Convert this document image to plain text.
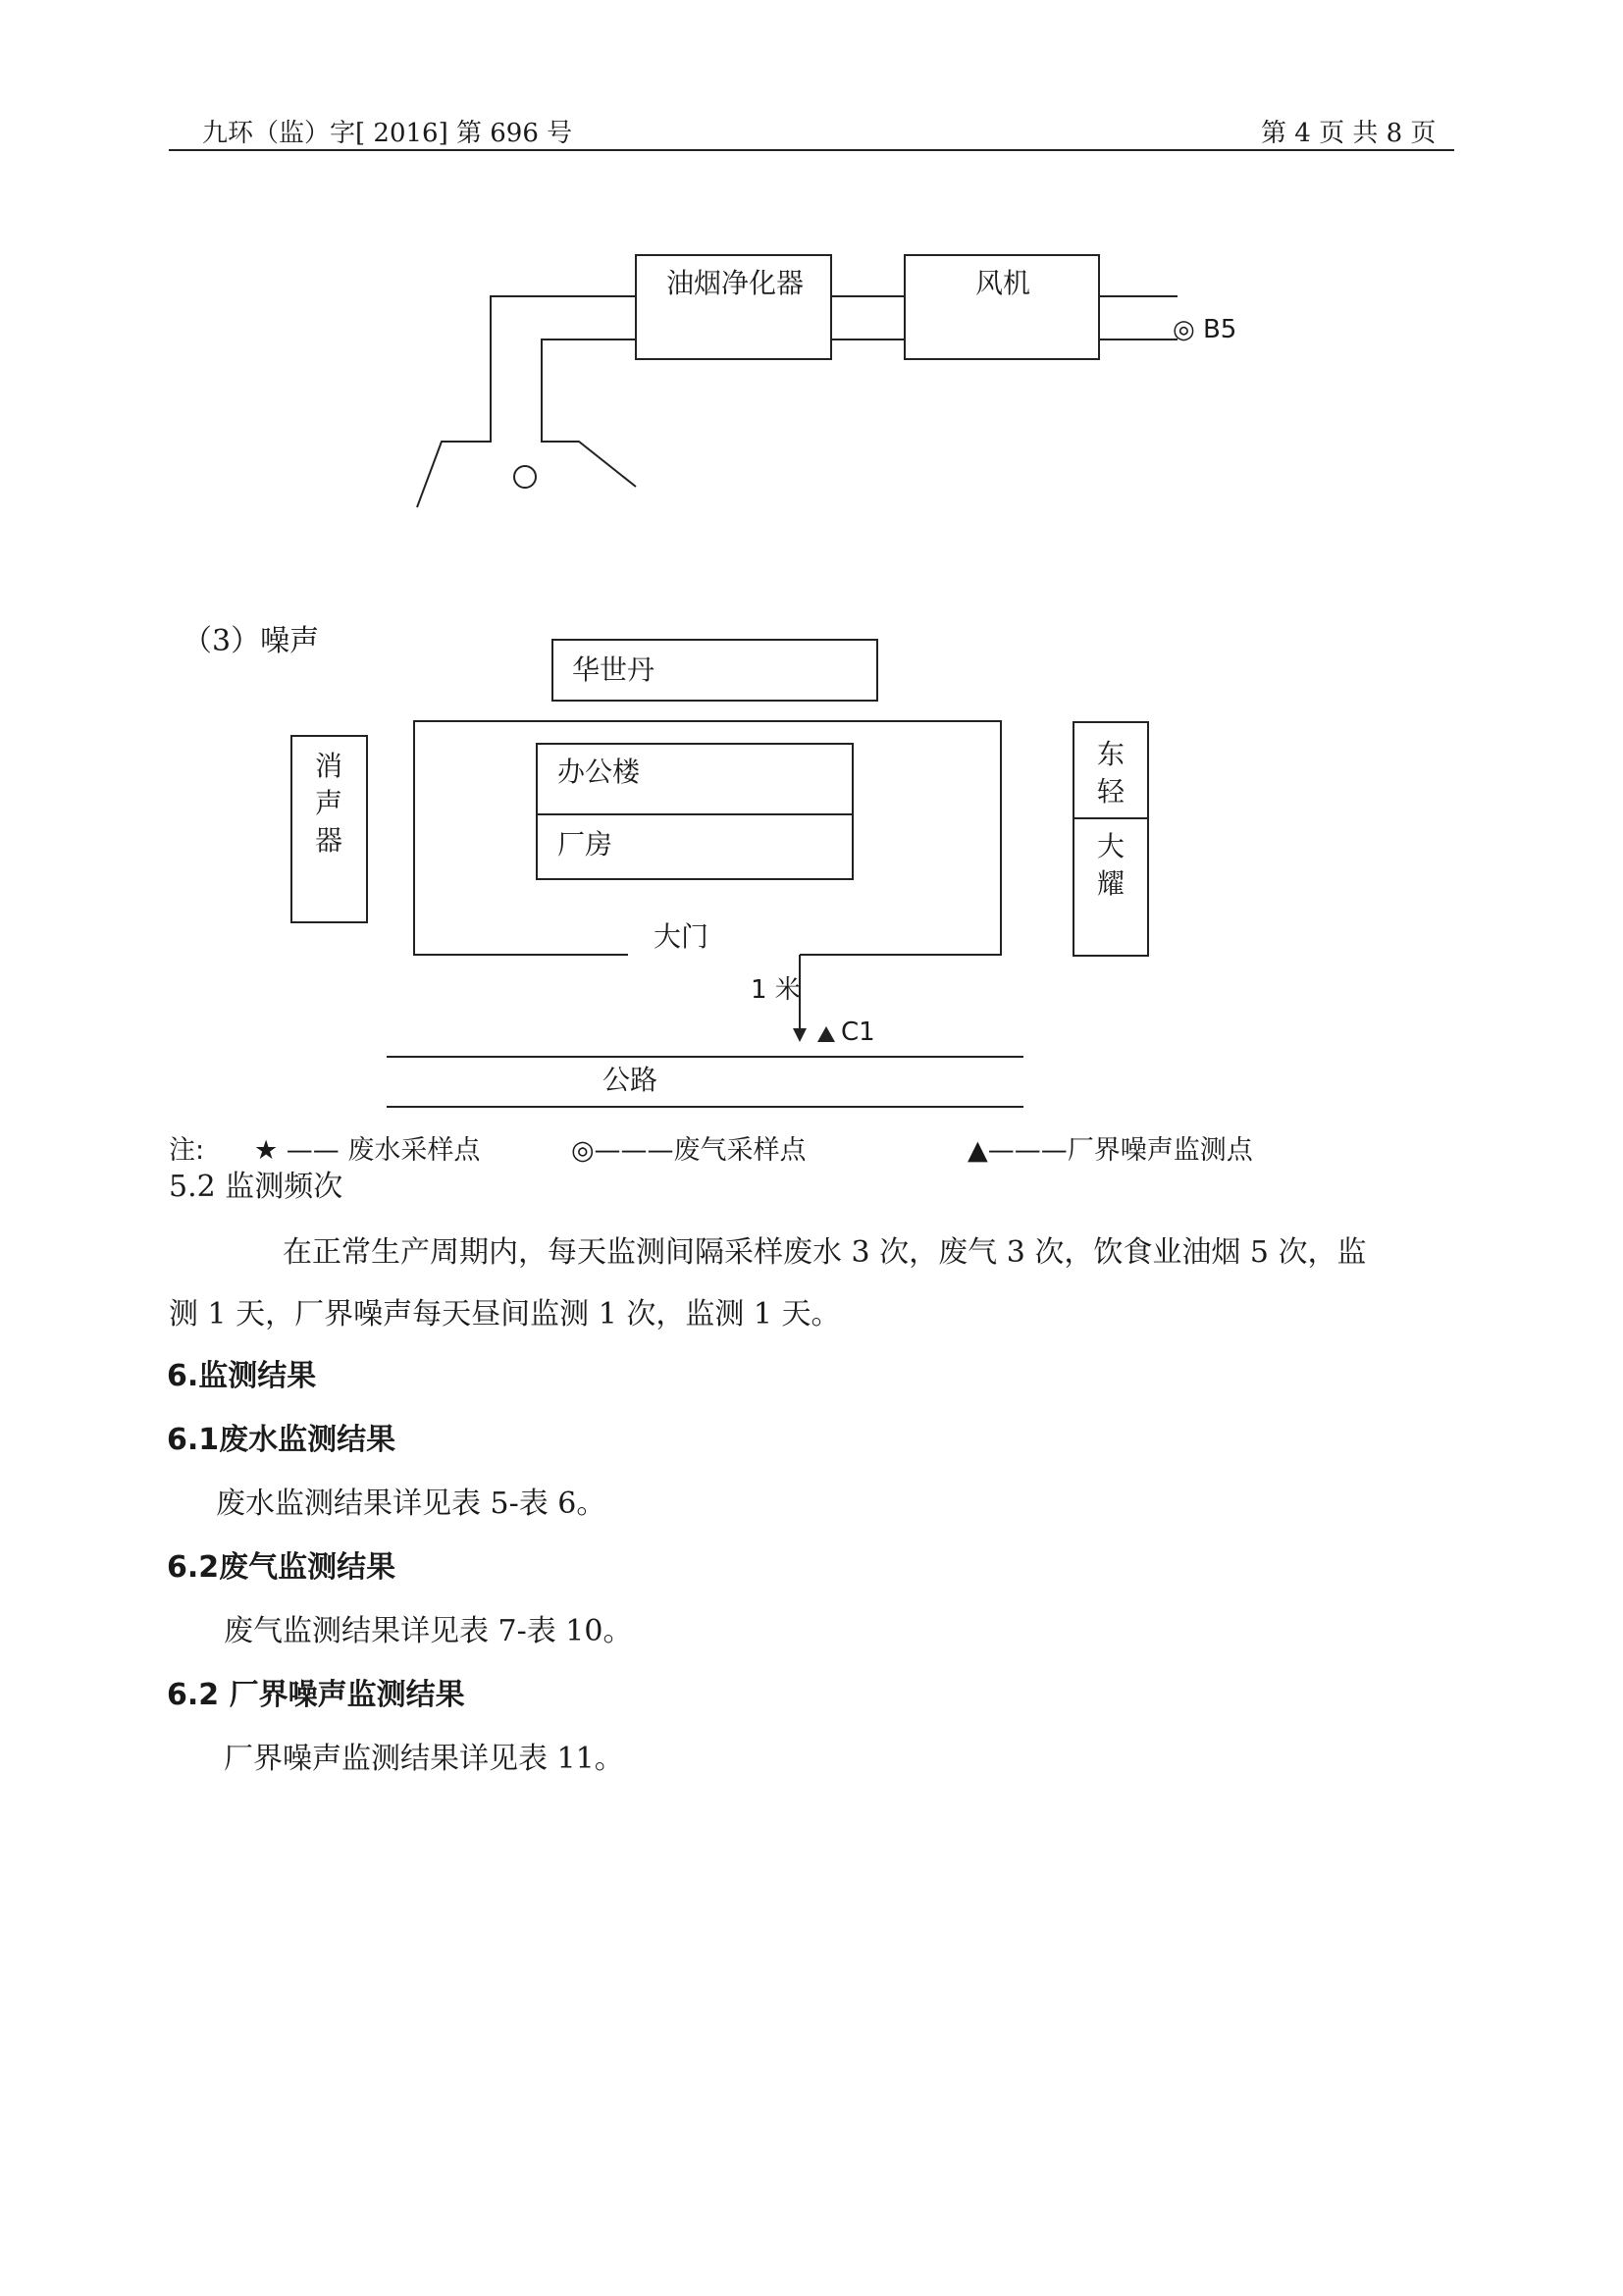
九环（监）字[ 2016] 第 696 号	第 4 页 共 8 页
油烟净化器	风机
◎ B5
华世丹
办公楼
厂房
大门
1 米
C1
公路
消
声
器
东
轻
大
耀
（3）噪声
注: ★ —— 废水采样点	◎———废气采样点	▲———厂界噪声监测点
5.2 监测频次
在正常生产周期内，每天监测间隔采样废水 3 次，废气 3 次，饮食业油烟 5 次，监
测 1 天，厂界噪声每天昼间监测 1 次，监测 1 天。
6.监测结果
6.1废水监测结果
废水监测结果详见表 5-表 6。
6.2废气监测结果
废气监测结果详见表 7-表 10。
6.2 厂界噪声监测结果
厂界噪声监测结果详见表 11。
